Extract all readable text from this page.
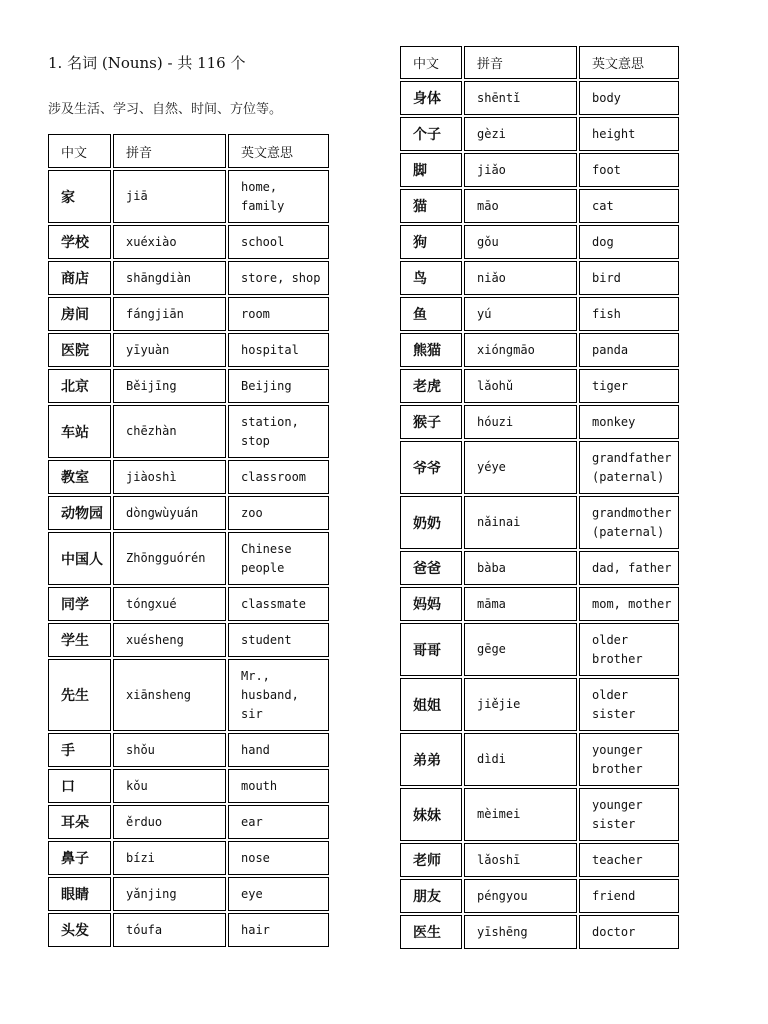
1. 名词 (Nouns) - 共 116 个
涉及生活、学习、自然、时间、方位等。
中文	拼音	英文意思
家	jiā	home,
family

学校	xuéxiào	school

商店	shāngdiàn	store, shop

房间	fángjiān	room

医院	yīyuàn	hospital

北京	Běijīng	Beijing

车站	chēzhàn	station,
stop

教室	jiàoshì	classroom

动物园	dòngwùyuán	zoo

中国人	Zhōngguórén	Chinese
people

同学	tóngxué	classmate

学生	xuésheng	student

先生	xiānsheng	Mr.,
husband,
sir

手	shǒu	hand

口	kǒu	mouth

耳朵	ěrduo	ear

鼻子	bízi	nose

眼睛	yǎnjing	eye

头发	tóufa	hair
中文	拼音	英文意思
身体	shēntǐ	body

个子	gèzi	height

脚	jiǎo	foot

猫	māo	cat

狗	gǒu	dog

鸟	niǎo	bird

鱼	yú	fish

熊猫	xióngmāo	panda

老虎	lǎohǔ	tiger

猴子	hóuzi	monkey

爷爷	yéye	grandfather
(paternal)

奶奶	nǎinai	grandmother
(paternal)

爸爸	bàba	dad, father

妈妈	māma	mom, mother

哥哥	gēge	older
brother

姐姐	jiějie	older
sister

弟弟	dìdi	younger
brother

妹妹	mèimei	younger
sister

老师	lǎoshī	teacher

朋友	péngyou	friend

医生	yīshēng	doctor
